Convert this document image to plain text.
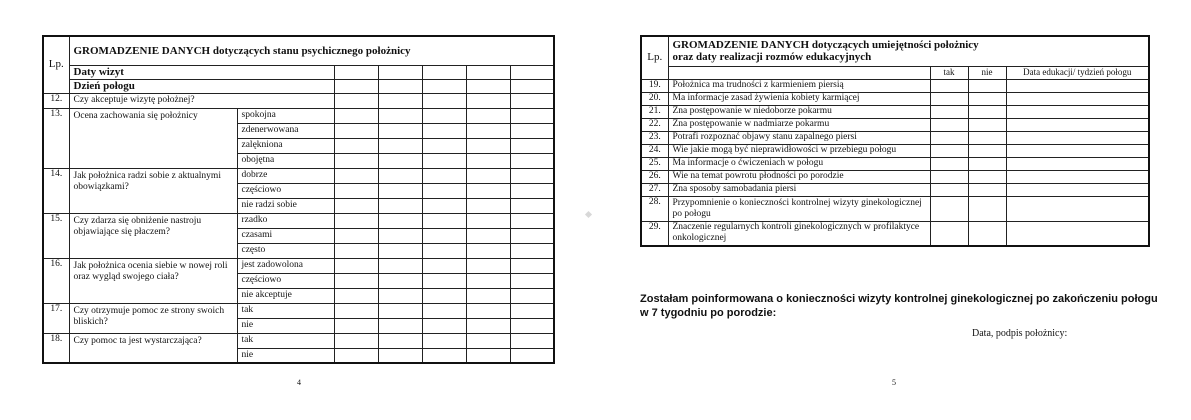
Lp.	GROMADZENIE DANYCH dotyczących stanu psychicznego położnicy						
	Daty wizyt						
	Dzień połogu						
12.	Czy akceptuje wizytę położnej?						
13.	Ocena zachowania się położnicy	spokojna					
		zdenerwowana					
		zalękniona					
		obojętna					
14.	Jak położnica radzi sobie z aktualnymi obowiązkami?	dobrze					
		częściowo					
		nie radzi sobie					
15.	Czy zdarza się obniżenie nastroju objawiające się płaczem?	rzadko					
		czasami					
		często					
16.	Jak położnica ocenia siebie w nowej roli oraz wygląd swojego ciała?	jest zadowolona					
		częściowo					
		nie akceptuje					
17.	Czy otrzymuje pomoc ze strony swoich bliskich?	tak					
		nie					
18.	Czy pomoc ta jest wystarczająca?	tak					
		nie					
4
Lp.	GROMADZENIE DANYCH dotyczących umiejętności położnicy
oraz daty realizacji rozmów edukacyjnych			

		tak	nie	Data edukacji/ tydzień połogu
19.	Położnica ma trudności z karmieniem piersią			
20.	Ma informacje zasad żywienia kobiety karmiącej			
21.	Zna postępowanie w niedoborze pokarmu			
22.	Zna postępowanie w nadmiarze pokarmu			
23.	Potrafi rozpoznać objawy stanu zapalnego piersi			
24.	Wie jakie mogą być nieprawidłowości w przebiegu połogu			
25.	Ma informacje o ćwiczeniach w połogu			
26.	Wie na temat powrotu płodności po porodzie			
27.	Zna sposoby samobadania piersi			
28.	Przypomnienie o konieczności kontrolnej wizyty ginekologicznej po połogu			
29.	Znaczenie regularnych kontroli ginekologicznych w profilaktyce onkologicznej			
Zostałam poinformowana o konieczności wizyty kontrolnej ginekologicznej po zakończeniu połogu w 7 tygodniu po porodzie:
Data, podpis położnicy:
5
